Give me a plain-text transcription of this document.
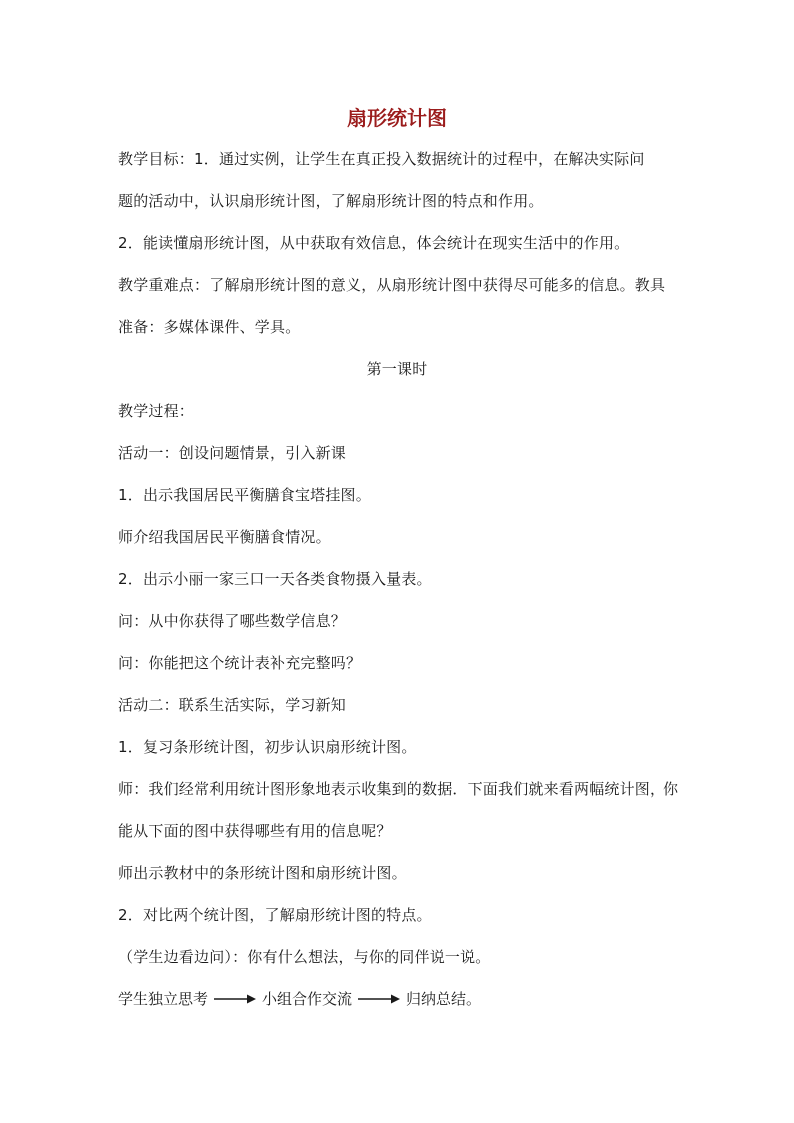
扇形统计图
教学目标：1．通过实例，让学生在真正投入数据统计的过程中，在解决实际问
题的活动中，认识扇形统计图，了解扇形统计图的特点和作用。
2．能读懂扇形统计图，从中获取有效信息，体会统计在现实生活中的作用。
教学重难点：了解扇形统计图的意义，从扇形统计图中获得尽可能多的信息。教具
准备：多媒体课件、学具。
第一课时
教学过程：
活动一：创设问题情景，引入新课
1．出示我国居民平衡膳食宝塔挂图。
师介绍我国居民平衡膳食情况。
2．出示小丽一家三口一天各类食物摄入量表。
问：从中你获得了哪些数学信息？
问：你能把这个统计表补充完整吗？
活动二：联系生活实际，学习新知
1．复习条形统计图，初步认识扇形统计图。
师：我们经常利用统计图形象地表示收集到的数据．下面我们就来看两幅统计图，
你
能从下面的图中获得哪些有用的信息呢？
师出示教材中的条形统计图和扇形统计图。
2．对比两个统计图，了解扇形统计图的特点。
（学生边看边问）：你有什么想法，与你的同伴说一说。
学生独立思考	小组合作交流	归纳总结。
